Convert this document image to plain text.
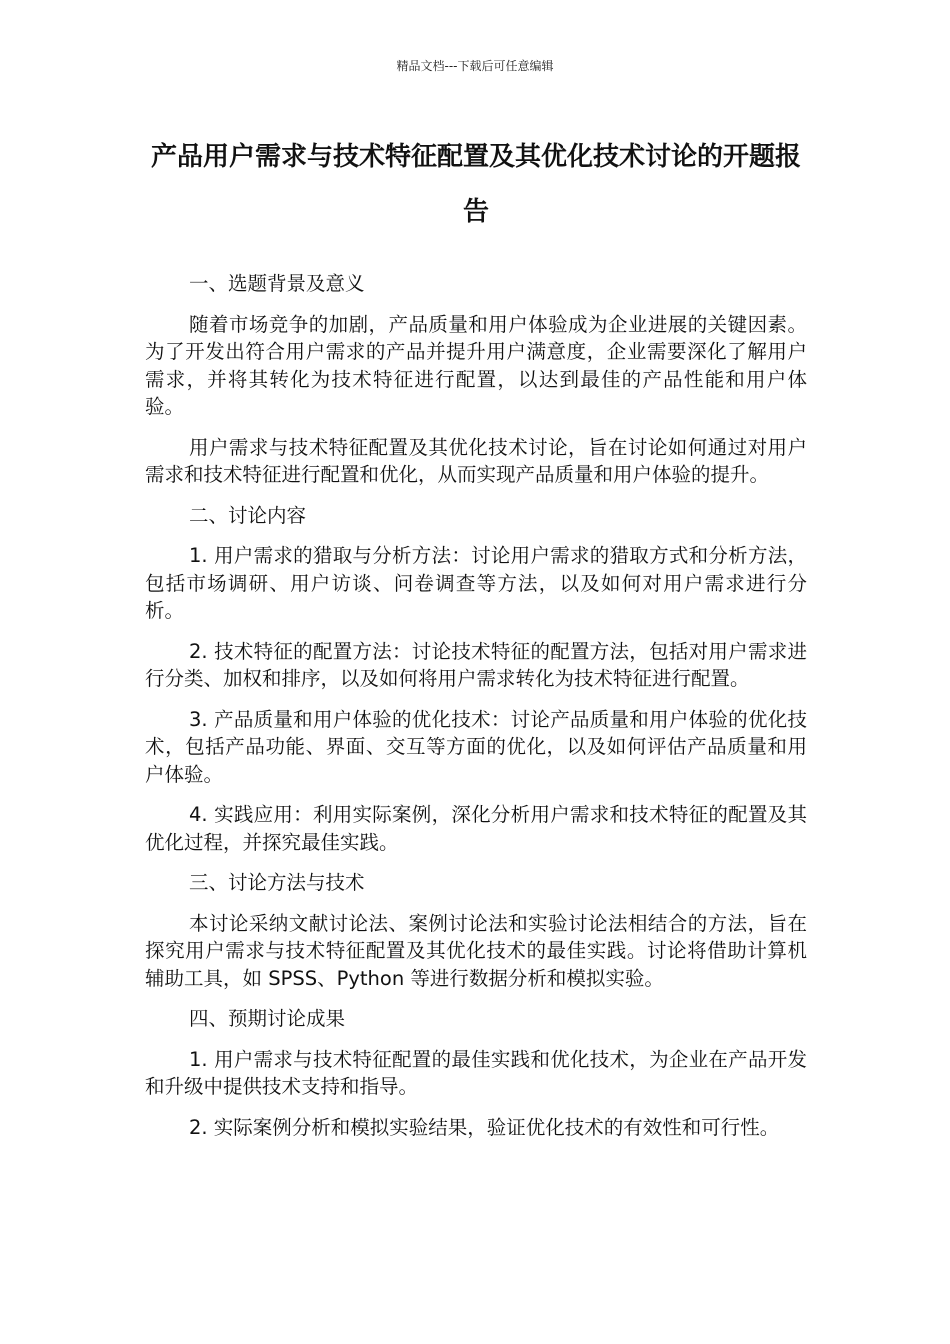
精品文档---下载后可任意编辑
产品用户需求与技术特征配置及其优化技术讨论的开题报告

一、选题背景及意义

随着市场竞争的加剧，产品质量和用户体验成为企业进展的关键因素。为了开发出符合用户需求的产品并提升用户满意度，企业需要深化了解用户需求，并将其转化为技术特征进行配置，以达到最佳的产品性能和用户体验。

用户需求与技术特征配置及其优化技术讨论，旨在讨论如何通过对用户需求和技术特征进行配置和优化，从而实现产品质量和用户体验的提升。

二、讨论内容

1. 用户需求的猎取与分析方法：讨论用户需求的猎取方式和分析方法，包括市场调研、用户访谈、问卷调查等方法，以及如何对用户需求进行分析。

2. 技术特征的配置方法：讨论技术特征的配置方法，包括对用户需求进行分类、加权和排序，以及如何将用户需求转化为技术特征进行配置。

3. 产品质量和用户体验的优化技术：讨论产品质量和用户体验的优化技术，包括产品功能、界面、交互等方面的优化，以及如何评估产品质量和用户体验。

4. 实践应用：利用实际案例，深化分析用户需求和技术特征的配置及其优化过程，并探究最佳实践。

三、讨论方法与技术

本讨论采纳文献讨论法、案例讨论法和实验讨论法相结合的方法，旨在探究用户需求与技术特征配置及其优化技术的最佳实践。讨论将借助计算机辅助工具，如 SPSS、Python 等进行数据分析和模拟实验。

四、预期讨论成果

1. 用户需求与技术特征配置的最佳实践和优化技术，为企业在产品开发和升级中提供技术支持和指导。

2. 实际案例分析和模拟实验结果，验证优化技术的有效性和可行性。
